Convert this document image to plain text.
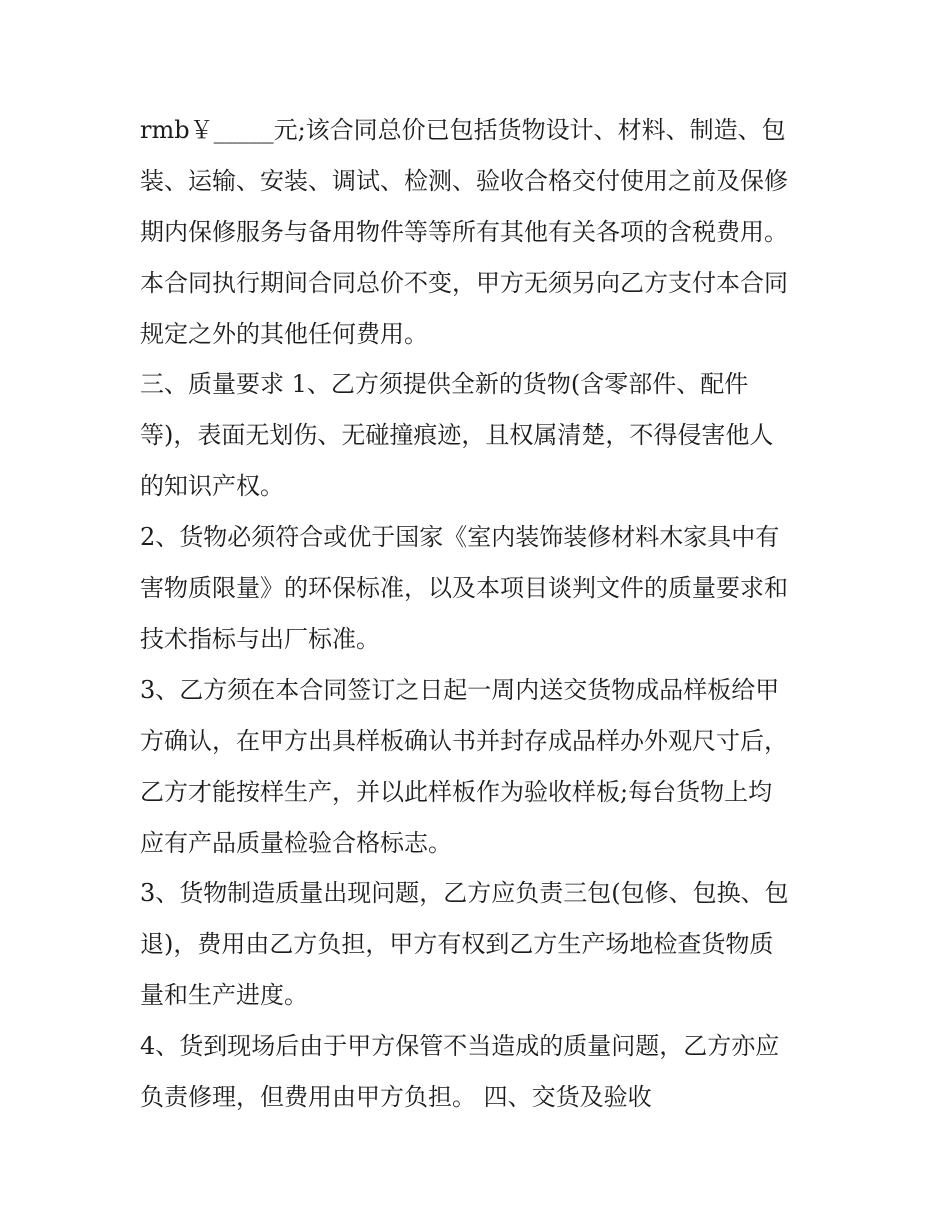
rmb￥_____元;该合同总价已包括货物设计、材料、制造、包
装、运输、安装、调试、检测、验收合格交付使用之前及保修
期内保修服务与备用物件等等所有其他有关各项的含税费用。
本合同执行期间合同总价不变，甲方无须另向乙方支付本合同
规定之外的其他任何费用。
三、质量要求 1、乙方须提供全新的货物(含零部件、配件
等)，表面无划伤、无碰撞痕迹，且权属清楚，不得侵害他人
的知识产权。
2、货物必须符合或优于国家《室内装饰装修材料木家具中有
害物质限量》的环保标准，以及本项目谈判文件的质量要求和
技术指标与出厂标准。
3、乙方须在本合同签订之日起一周内送交货物成品样板给甲
方确认，在甲方出具样板确认书并封存成品样办外观尺寸后，
乙方才能按样生产，并以此样板作为验收样板;每台货物上均
应有产品质量检验合格标志。
3、货物制造质量出现问题，乙方应负责三包(包修、包换、包
退)，费用由乙方负担，甲方有权到乙方生产场地检查货物质
量和生产进度。
4、货到现场后由于甲方保管不当造成的质量问题，乙方亦应
负责修理，但费用由甲方负担。 四、交货及验收
